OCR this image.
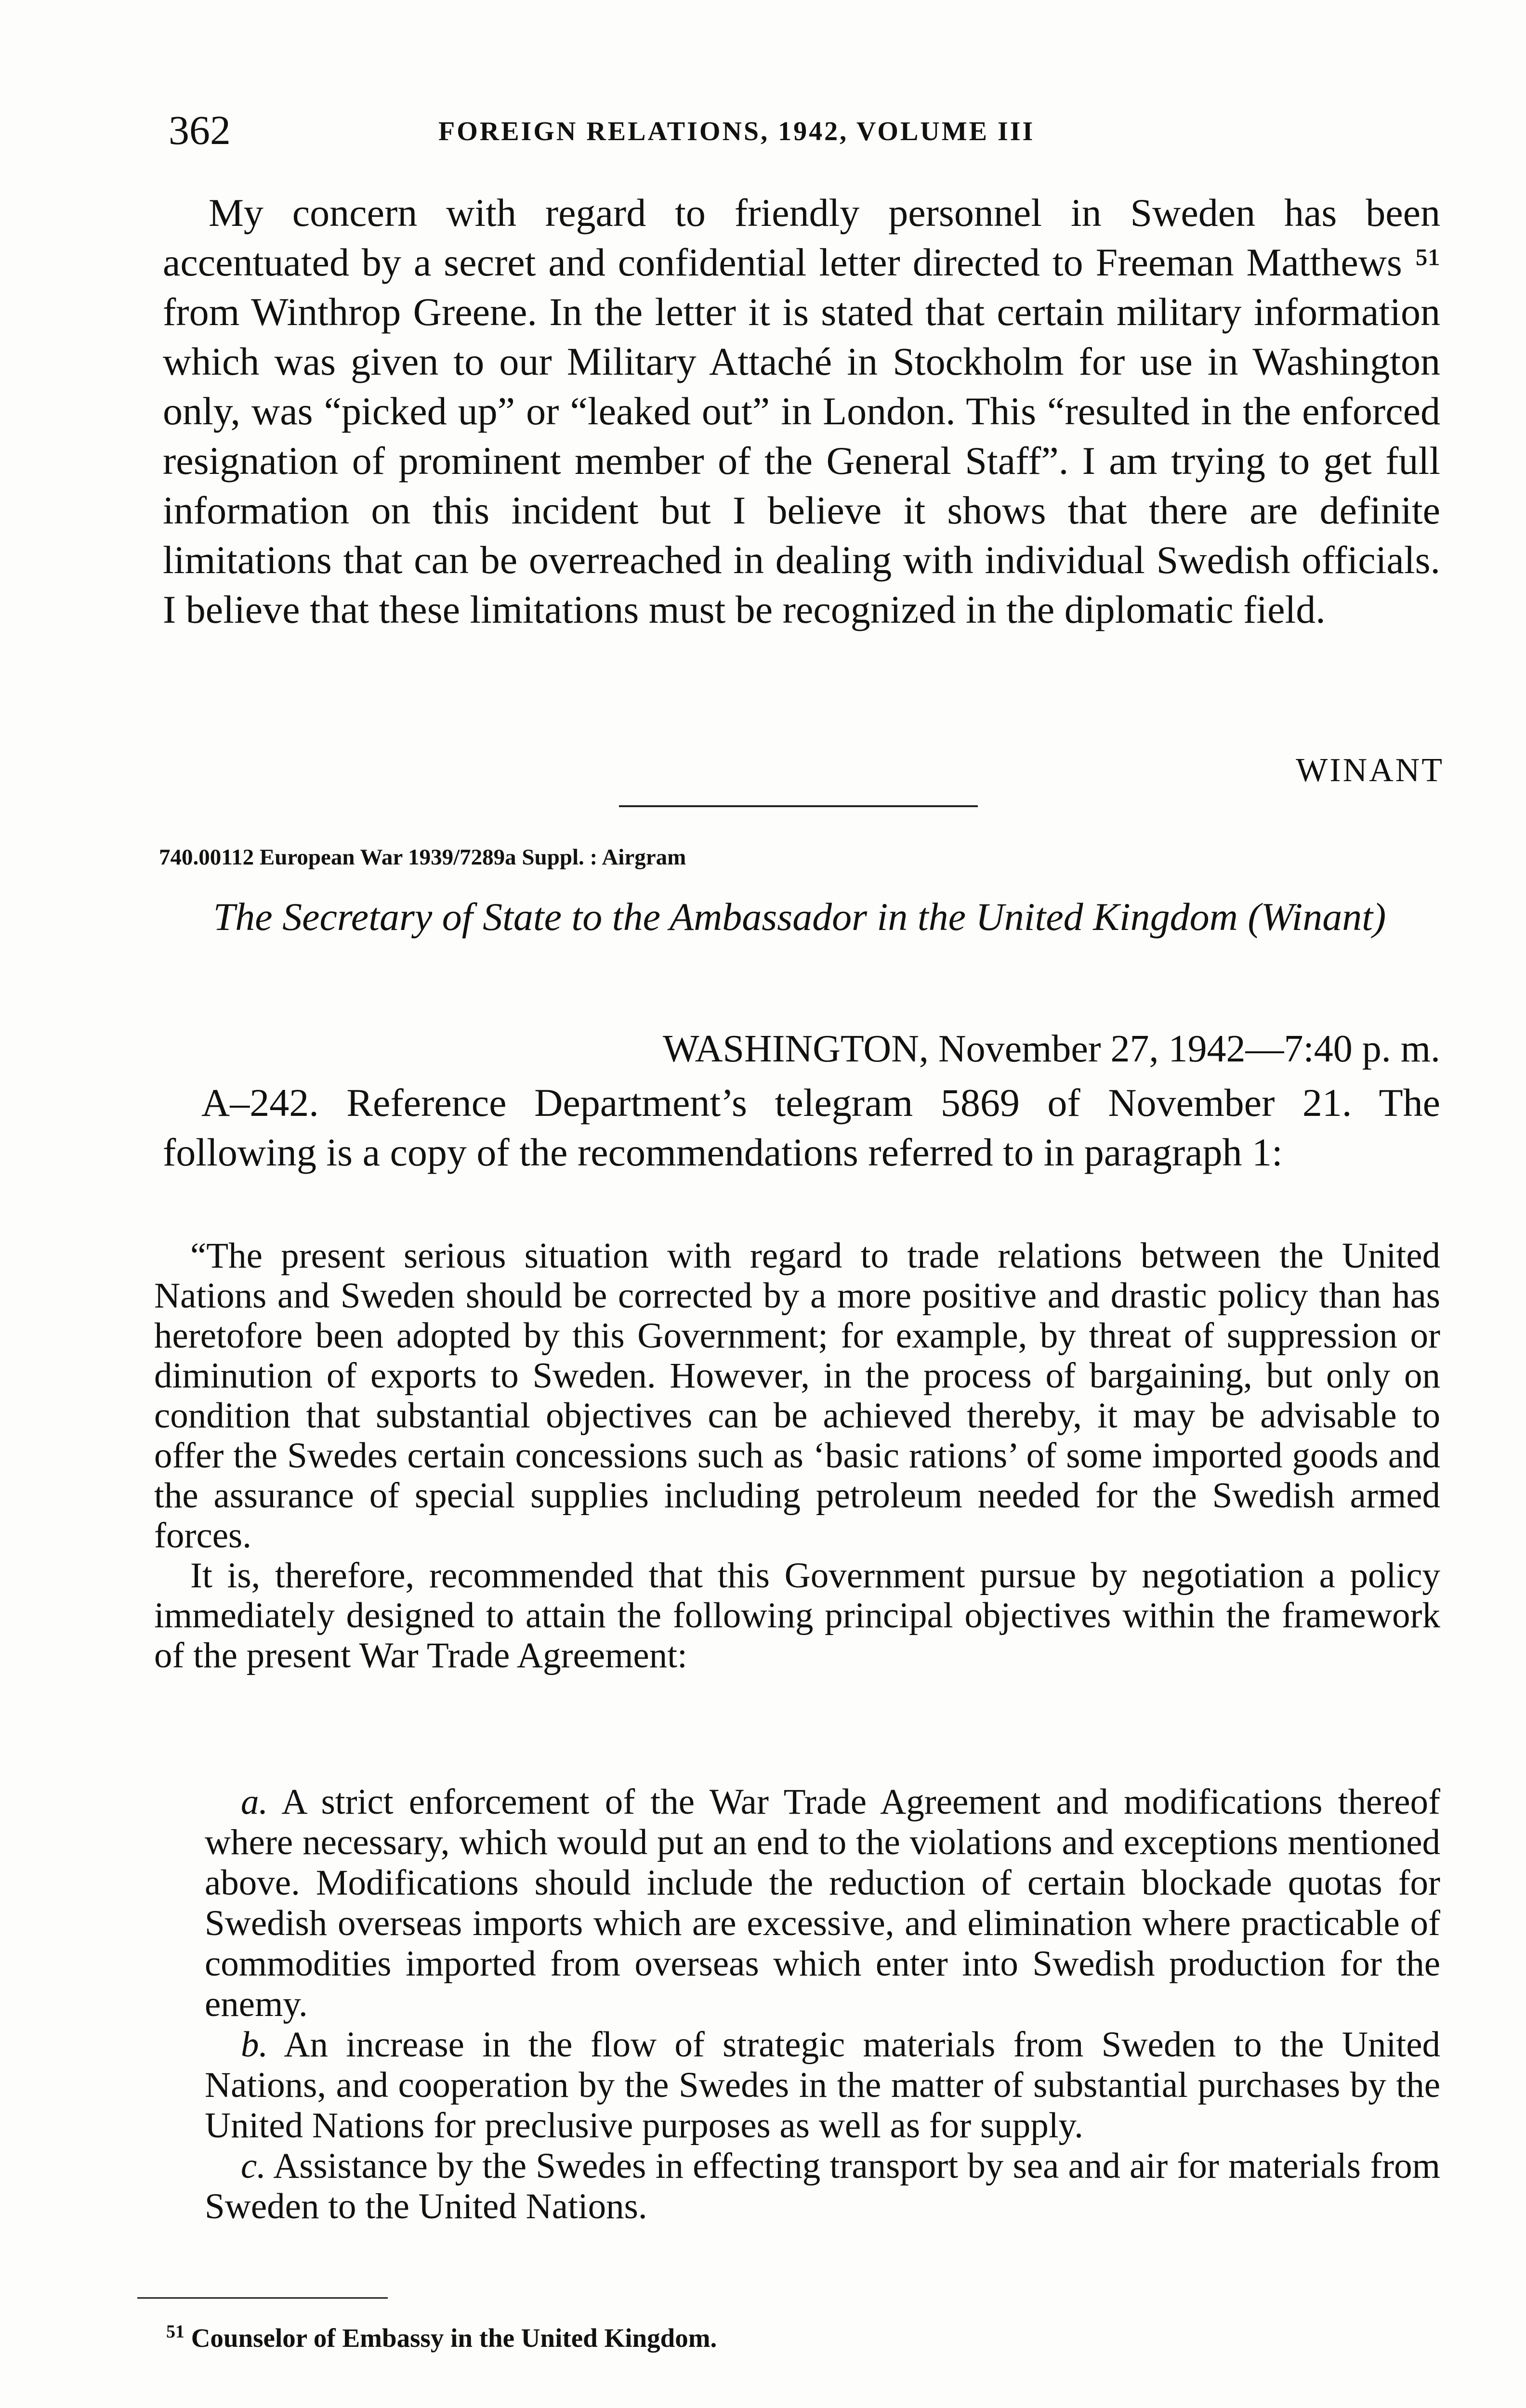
362	FOREIGN RELATIONS, 1942, VOLUME III
My concern with regard to friendly personnel in Sweden has been accentuated by a secret and confidential letter directed to Freeman Matthews ⁵¹ from Winthrop Greene. In the letter it is stated that certain military information which was given to our Military Attaché in Stockholm for use in Washington only, was “picked up” or “leaked out” in London. This “resulted in the enforced resignation of prominent member of the General Staff”. I am trying to get full information on this incident but I believe it shows that there are definite limitations that can be overreached in dealing with individual Swedish officials. I believe that these limitations must be recognized in the diplomatic field.
WINANT
740.00112 European War 1939/7289a Suppl. : Airgram
The Secretary of State to the Ambassador in the United Kingdom (Winant)
WASHINGTON, November 27, 1942—7:40 p. m.
A–242. Reference Department’s telegram 5869 of November 21. The following is a copy of the recommendations referred to in paragraph 1:

“The present serious situation with regard to trade relations between the United Nations and Sweden should be corrected by a more positive and drastic policy than has heretofore been adopted by this Government; for example, by threat of suppression or diminution of exports to Sweden. However, in the process of bargaining, but only on condition that substantial objectives can be achieved thereby, it may be advisable to offer the Swedes certain concessions such as ‘basic rations’ of some imported goods and the assurance of special supplies including petroleum needed for the Swedish armed forces.

It is, therefore, recommended that this Government pursue by negotiation a policy immediately designed to attain the following principal objectives within the framework of the present War Trade Agreement:

a. A strict enforcement of the War Trade Agreement and modifications thereof where necessary, which would put an end to the violations and exceptions mentioned above. Modifications should include the reduction of certain blockade quotas for Swedish overseas imports which are excessive, and elimination where practicable of commodities imported from overseas which enter into Swedish production for the enemy.

b. An increase in the flow of strategic materials from Sweden to the United Nations, and cooperation by the Swedes in the matter of substantial purchases by the United Nations for preclusive purposes as well as for supply.

c. Assistance by the Swedes in effecting transport by sea and air for materials from Sweden to the United Nations.

$^{51}$ Counselor of Embassy in the United Kingdom.
